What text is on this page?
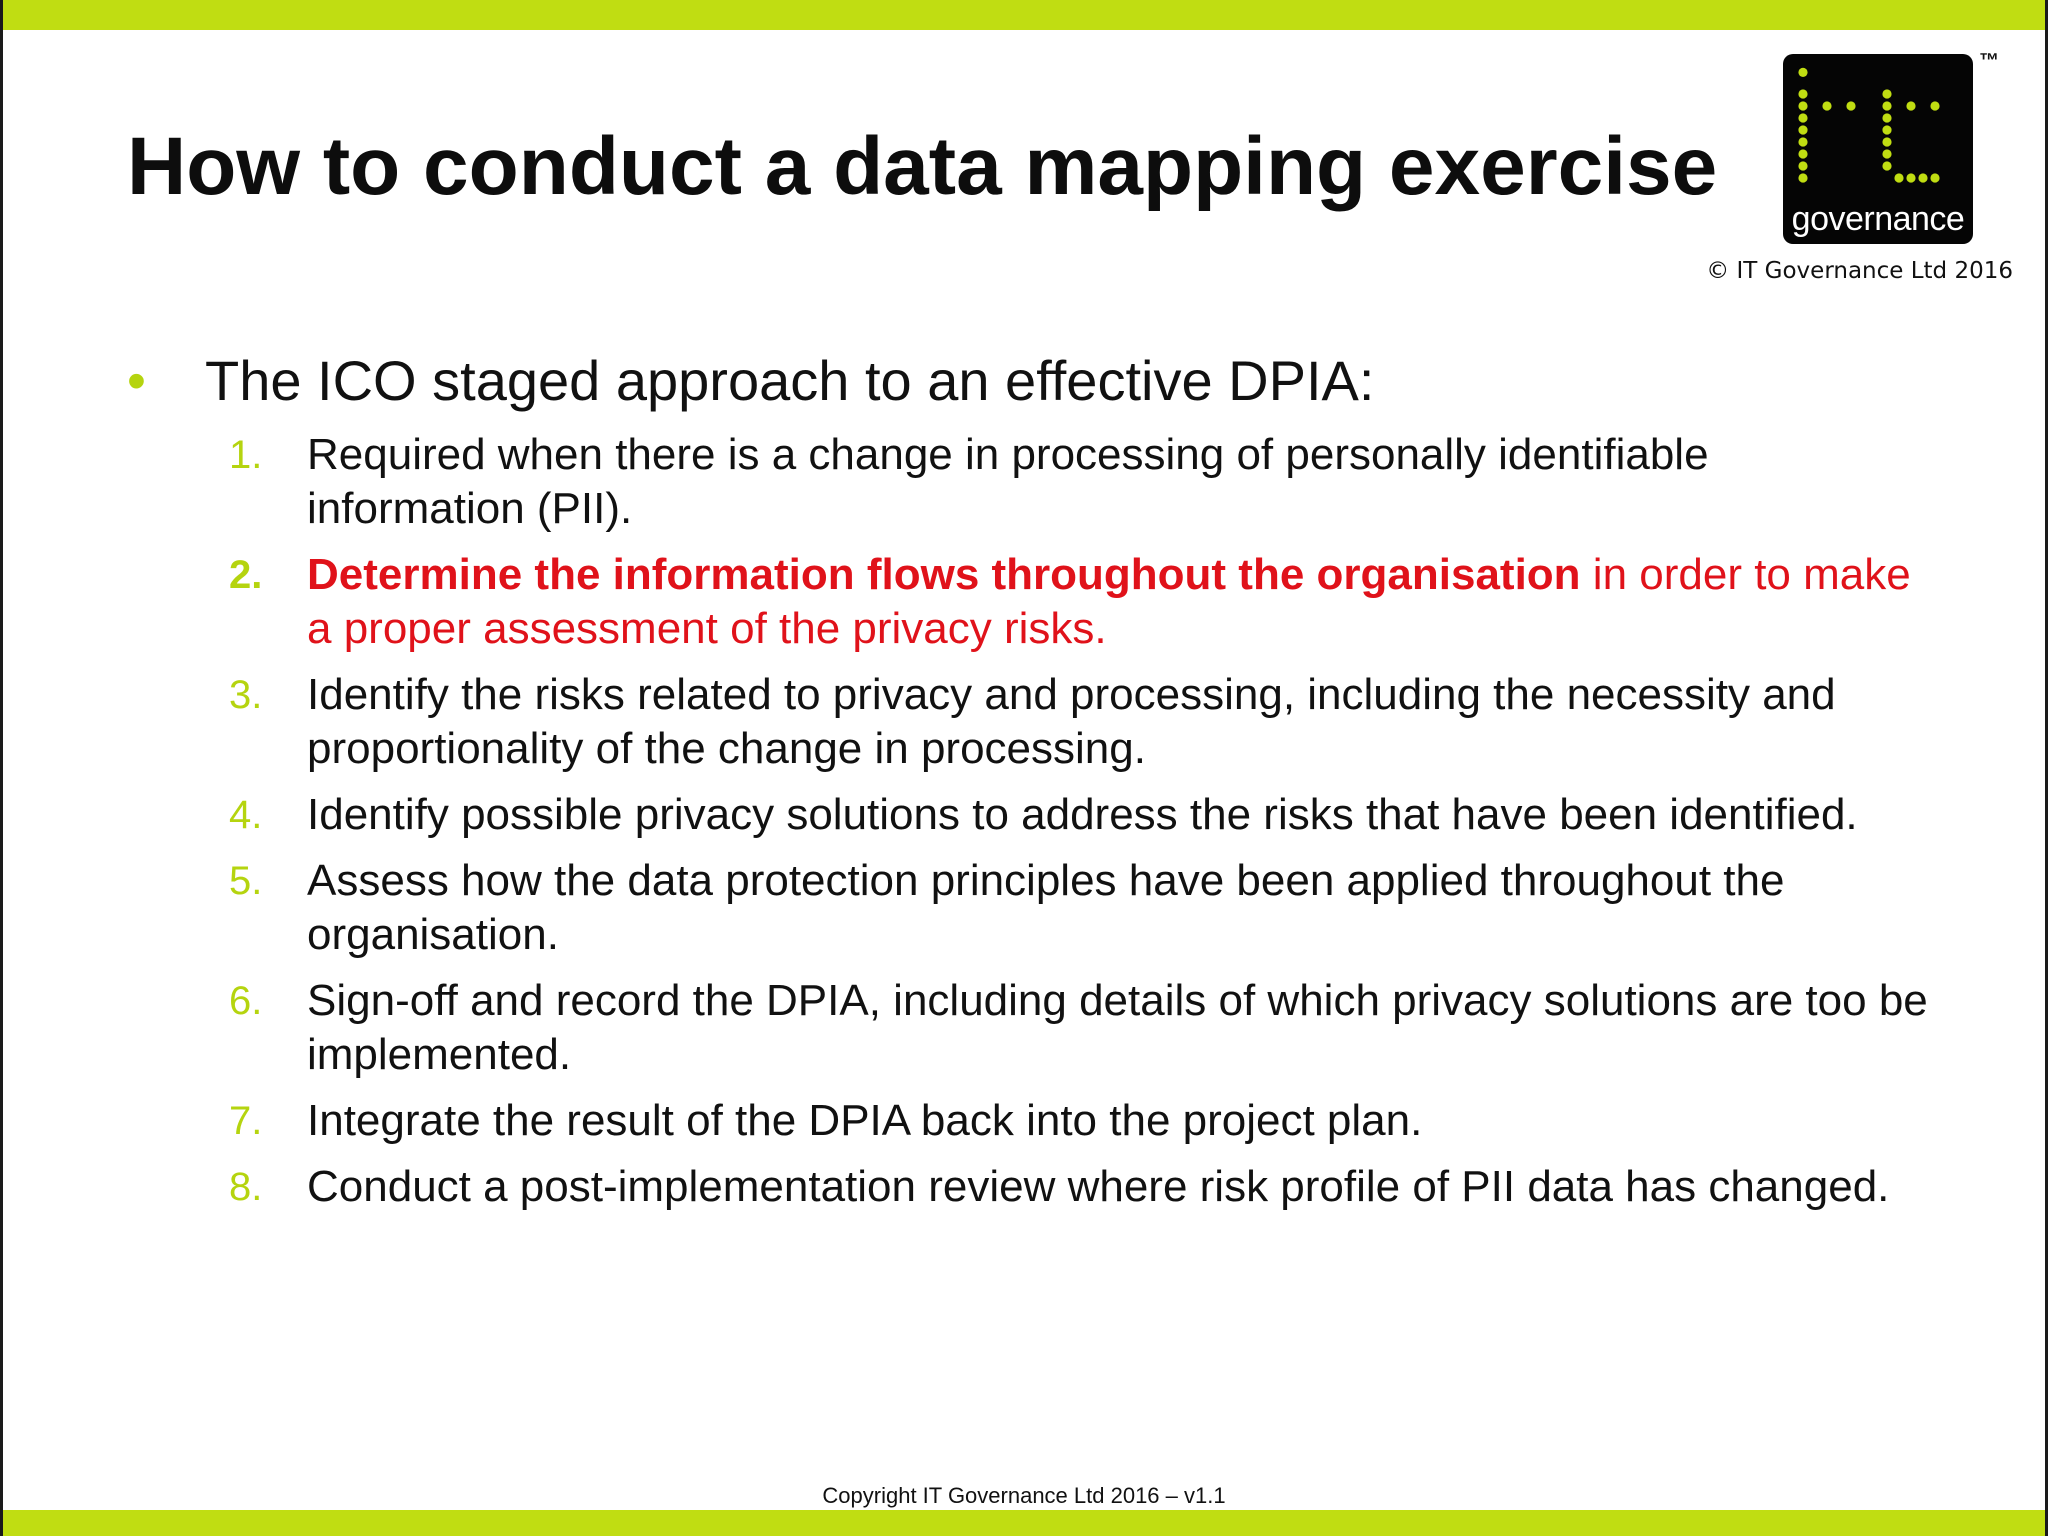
How to conduct a data mapping exercise
governance
™
© IT Governance Ltd 2016
•	The ICO staged approach to an effective DPIA:
1.	Required when there is a change in processing of personally identifiable information (PII).
2.	Determine the information flows throughout the organisation in order to make a proper assessment of the privacy risks.
3.	Identify the risks related to privacy and processing, including the necessity and proportionality of the change in processing.
4.	Identify possible privacy solutions to address the risks that have been identified.
5.	Assess how the data protection principles have been applied throughout the organisation.
6.	Sign-off and record the DPIA, including details of which privacy solutions are too be implemented.
7.	Integrate the result of the DPIA back into the project plan.
8.	Conduct a post-implementation review where risk profile of PII data has changed.
Copyright IT Governance Ltd 2016 – v1.1
